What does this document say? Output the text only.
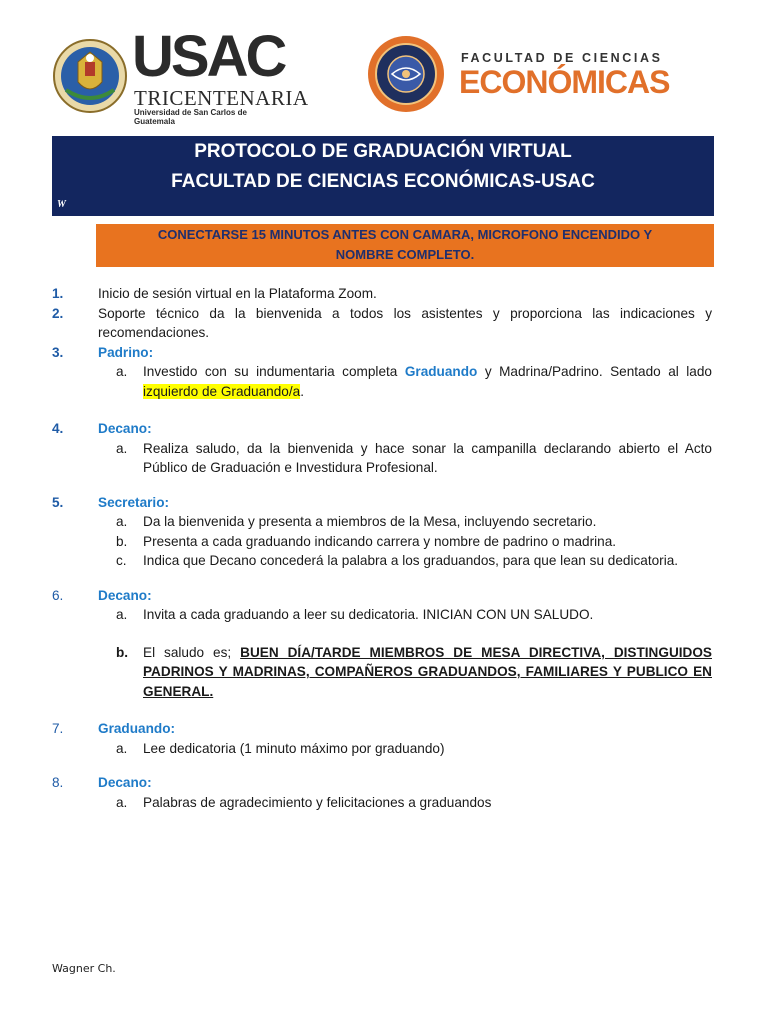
USAC
TRICENTENARIA
Universidad de San Carlos de Guatemala
FACULTAD DE CIENCIAS
ECONÓMICAS
PROTOCOLO DE GRADUACIÓN VIRTUAL
FACULTAD DE CIENCIAS ECONÓMICAS-USAC
W
CONECTARSE 15 MINUTOS ANTES CON CAMARA, MICROFONO ENCENDIDO Y
NOMBRE COMPLETO.
1.	Inicio de sesión virtual en la Plataforma Zoom.
2.	Soporte técnico da la bienvenida a todos los asistentes y proporciona las indicaciones y recomendaciones.
3.	Padrino:
a. Investido con su indumentaria completa Graduando y Madrina/Padrino. Sentado al lado izquierdo de Graduando/a.
4.	Decano:
a. Realiza saludo, da la bienvenida y hace sonar la campanilla declarando abierto el Acto Público de Graduación e Investidura Profesional.
5.	Secretario:
a. Da la bienvenida y presenta a miembros de la Mesa, incluyendo secretario.
b. Presenta a cada graduando indicando carrera y nombre de padrino o madrina.
c. Indica que Decano concederá la palabra a los graduandos, para que lean su dedicatoria.
6.	Decano:
a. Invita a cada graduando a leer su dedicatoria. INICIAN CON UN SALUDO.
b. El saludo es; BUEN DÍA/TARDE MIEMBROS DE MESA DIRECTIVA, DISTINGUIDOS PADRINOS Y MADRINAS, COMPAÑEROS GRADUANDOS, FAMILIARES Y PUBLICO EN GENERAL.
7.	Graduando:
a. Lee dedicatoria (1 minuto máximo por graduando)
8.	Decano:
a. Palabras de agradecimiento y felicitaciones a graduandos
Wagner Ch.
